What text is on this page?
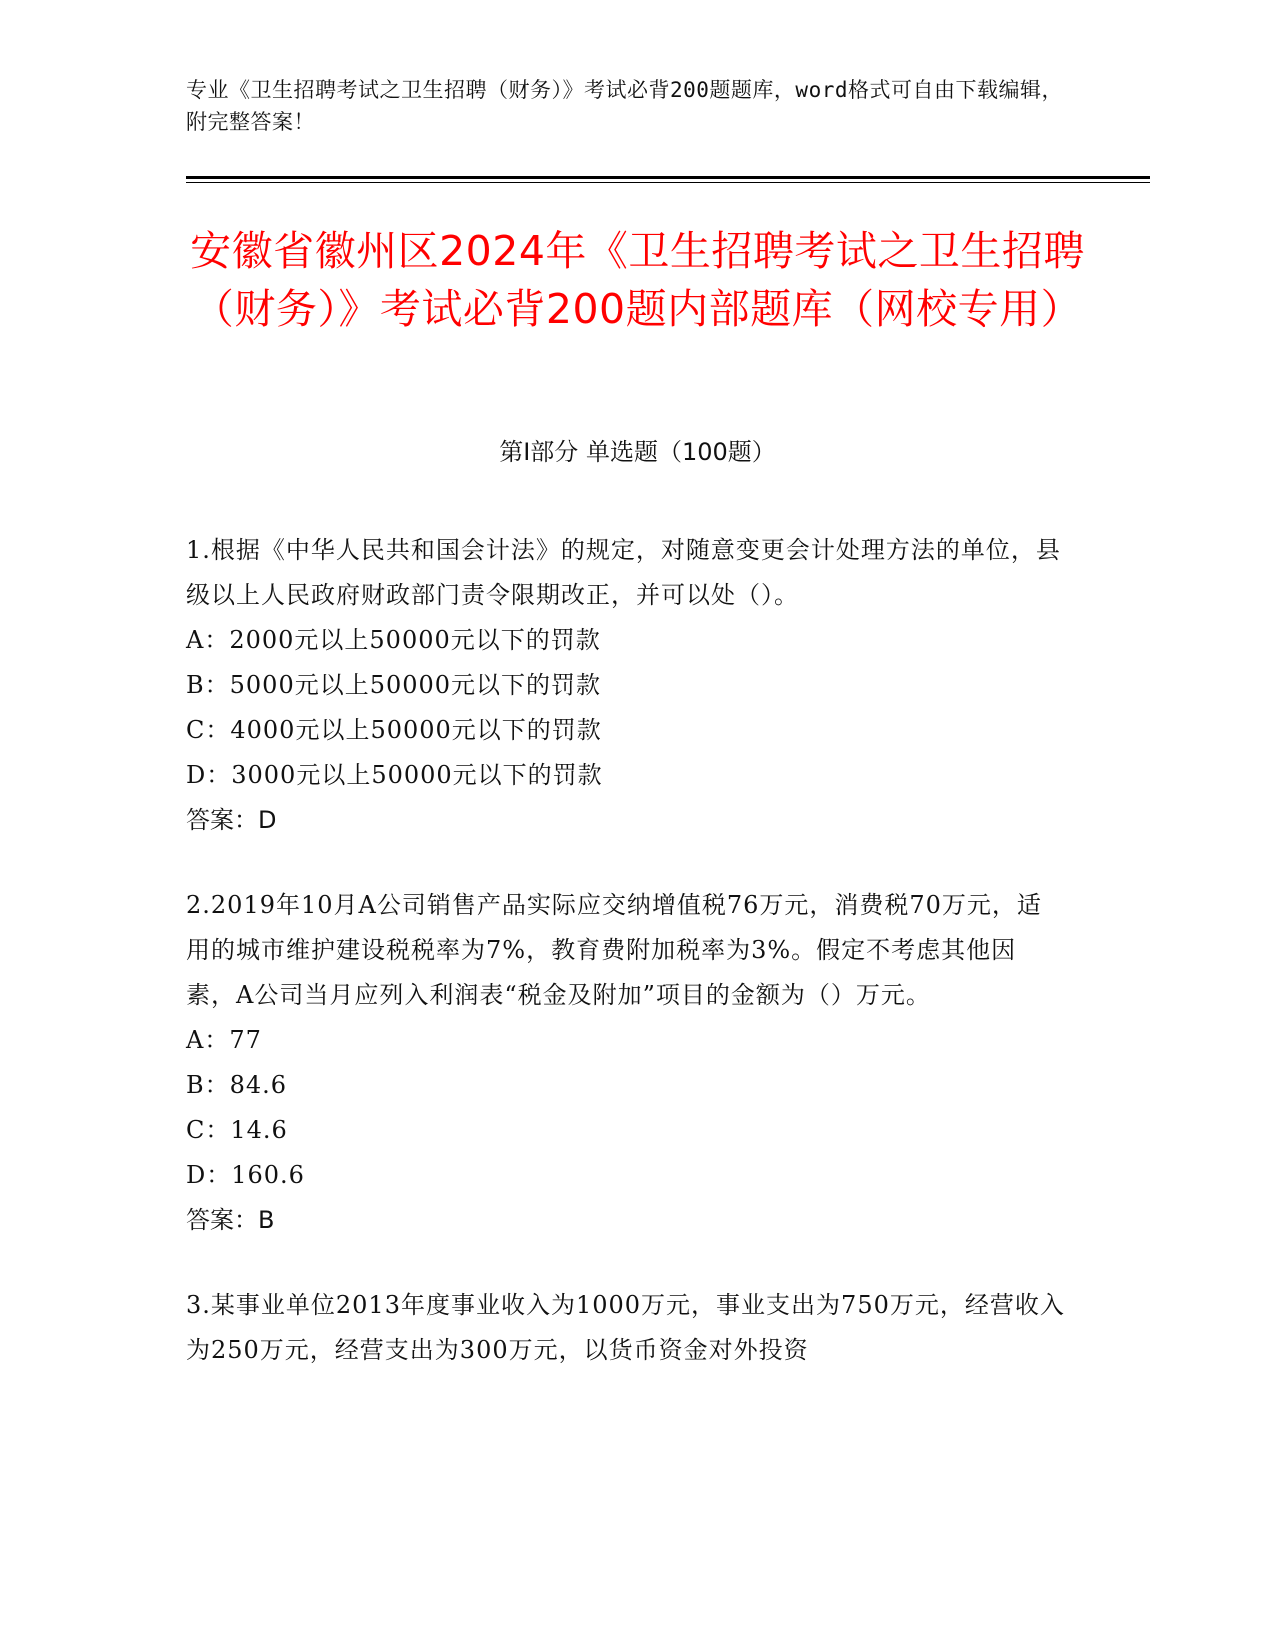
专业《卫生招聘考试之卫生招聘（财务）》考试必背200题题库，word格式可自由下载编辑，附完整答案！
安徽省徽州区2024年《卫生招聘考试之卫生招聘（财务）》考试必背200题内部题库（网校专用）
第Ⅰ部分 单选题（100题）
1.根据《中华人民共和国会计法》的规定，对随意变更会计处理方法的单位，县级以上人民政府财政部门责令限期改正，并可以处（）。
A：2000元以上50000元以下的罚款
B：5000元以上50000元以下的罚款
C：4000元以上50000元以下的罚款
D：3000元以上50000元以下的罚款
答案：D
2.2019年10月A公司销售产品实际应交纳增值税76万元，消费税70万元，适用的城市维护建设税税率为7%，教育费附加税率为3%。假定不考虑其他因素，A公司当月应列入利润表“税金及附加”项目的金额为（）万元。
A：77
B：84.6
C：14.6
D：160.6
答案：B
3.某事业单位2013年度事业收入为1000万元，事业支出为750万元，经营收入为250万元，经营支出为300万元，以货币资金对外投资
